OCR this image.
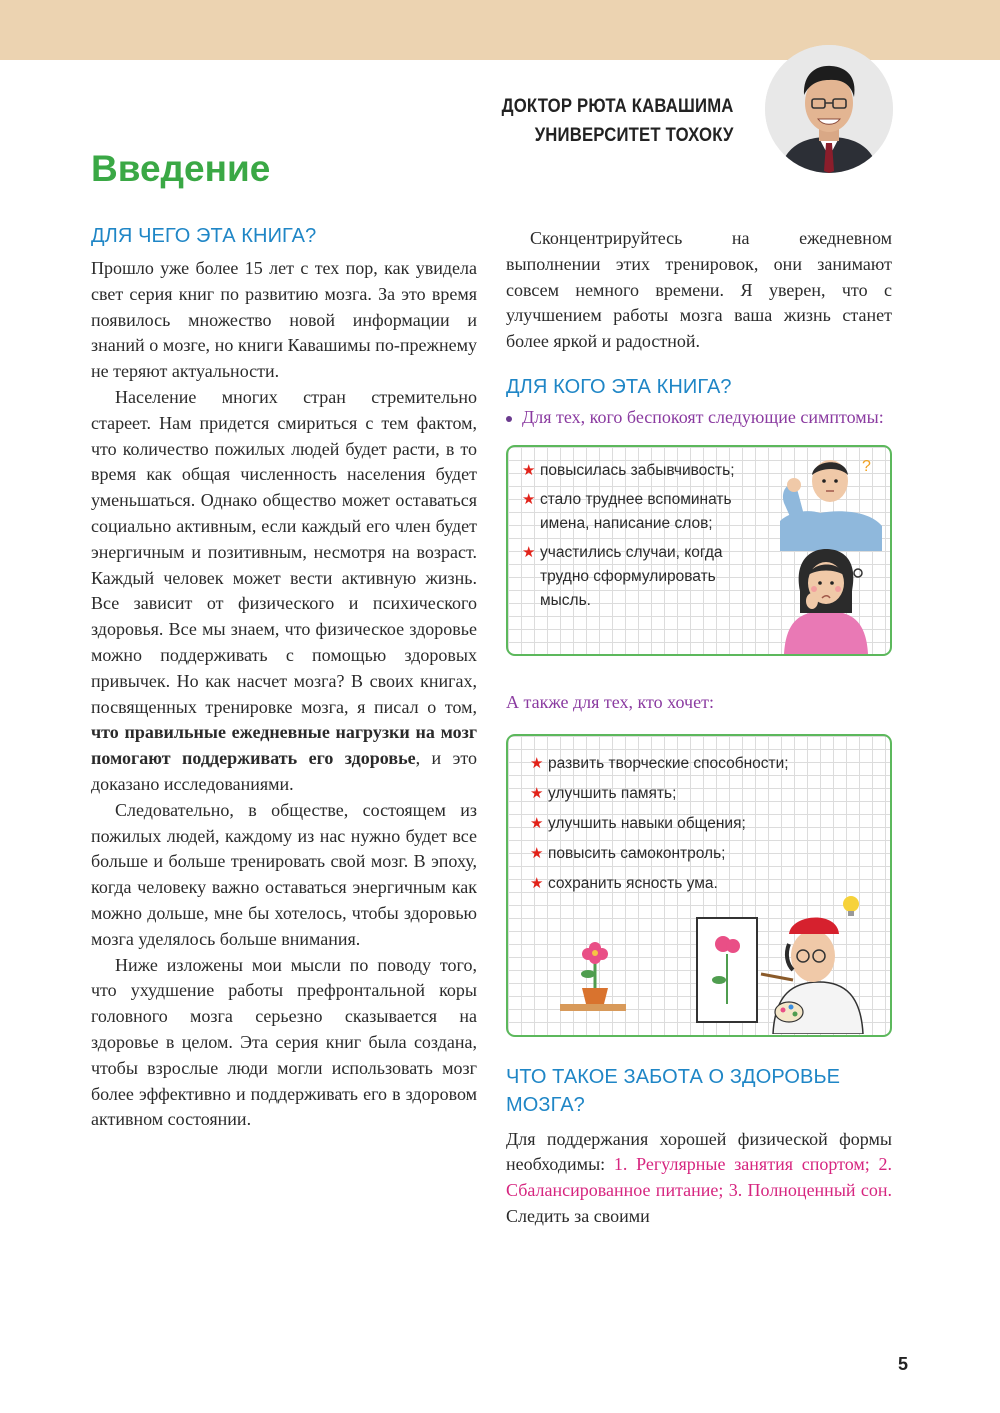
ДОКТОР РЮТА КАВАШИМА
УНИВЕРСИТЕТ ТОХОКУ
Введение
ДЛЯ ЧЕГО ЭТА КНИГА?
Прошло уже более 15 лет с тех пор, как увидела свет серия книг по развитию мозга. За это время появилось множество новой информации и знаний о мозге, но книги Кавашимы по-прежнему не теряют актуальности.
Население многих стран стремительно стареет. Нам придется смириться с тем фактом, что количество пожилых людей будет расти, в то время как общая численность населения будет уменьшаться. Однако общество может оставаться социально активным, если каждый его член будет энергичным и позитивным, несмотря на возраст. Каждый человек может вести активную жизнь. Все зависит от физического и психического здоровья. Все мы знаем, что физическое здоровье можно поддерживать с помощью здоровых привычек. Но как насчет мозга? В своих книгах, посвященных тренировке мозга, я писал о том, что правильные ежедневные нагрузки на мозг помогают поддерживать его здоровье, и это доказано исследованиями.
Следовательно, в обществе, состоящем из пожилых людей, каждому из нас нужно будет все больше и больше тренировать свой мозг. В эпоху, когда человеку важно оставаться энергичным как можно дольше, мне бы хотелось, чтобы здоровью мозга уделялось больше внимания.
Ниже изложены мои мысли по поводу того, что ухудшение работы префронтальной коры головного мозга серьезно сказывается на здоровье в целом. Эта серия книг была создана, чтобы взрослые люди могли использовать мозг более эффективно и поддерживать его в здоровом активном состоянии.
Сконцентрируйтесь на ежедневном выполнении этих тренировок, они занимают совсем немного времени. Я уверен, что с улучшением работы мозга ваша жизнь станет более яркой и радостной.
ДЛЯ КОГО ЭТА КНИГА?
Для тех, кого беспокоят следующие симптомы:
★ повысилась забывчивость;
★ стало труднее вспоминать имена, написание слов;
★ участились случаи, когда трудно сформулировать мысль.
?
А также для тех, кто хочет:
★ развить творческие способности;
★ улучшить память;
★ улучшить навыки общения;
★ повысить самоконтроль;
★ сохранить ясность ума.
ЧТО ТАКОЕ ЗАБОТА О ЗДОРОВЬЕ МОЗГА?
Для поддержания хорошей физической формы необходимы: 1. Регулярные занятия спортом; 2. Сбалансированное питание; 3. Полноценный сон. Следить за своими
5
